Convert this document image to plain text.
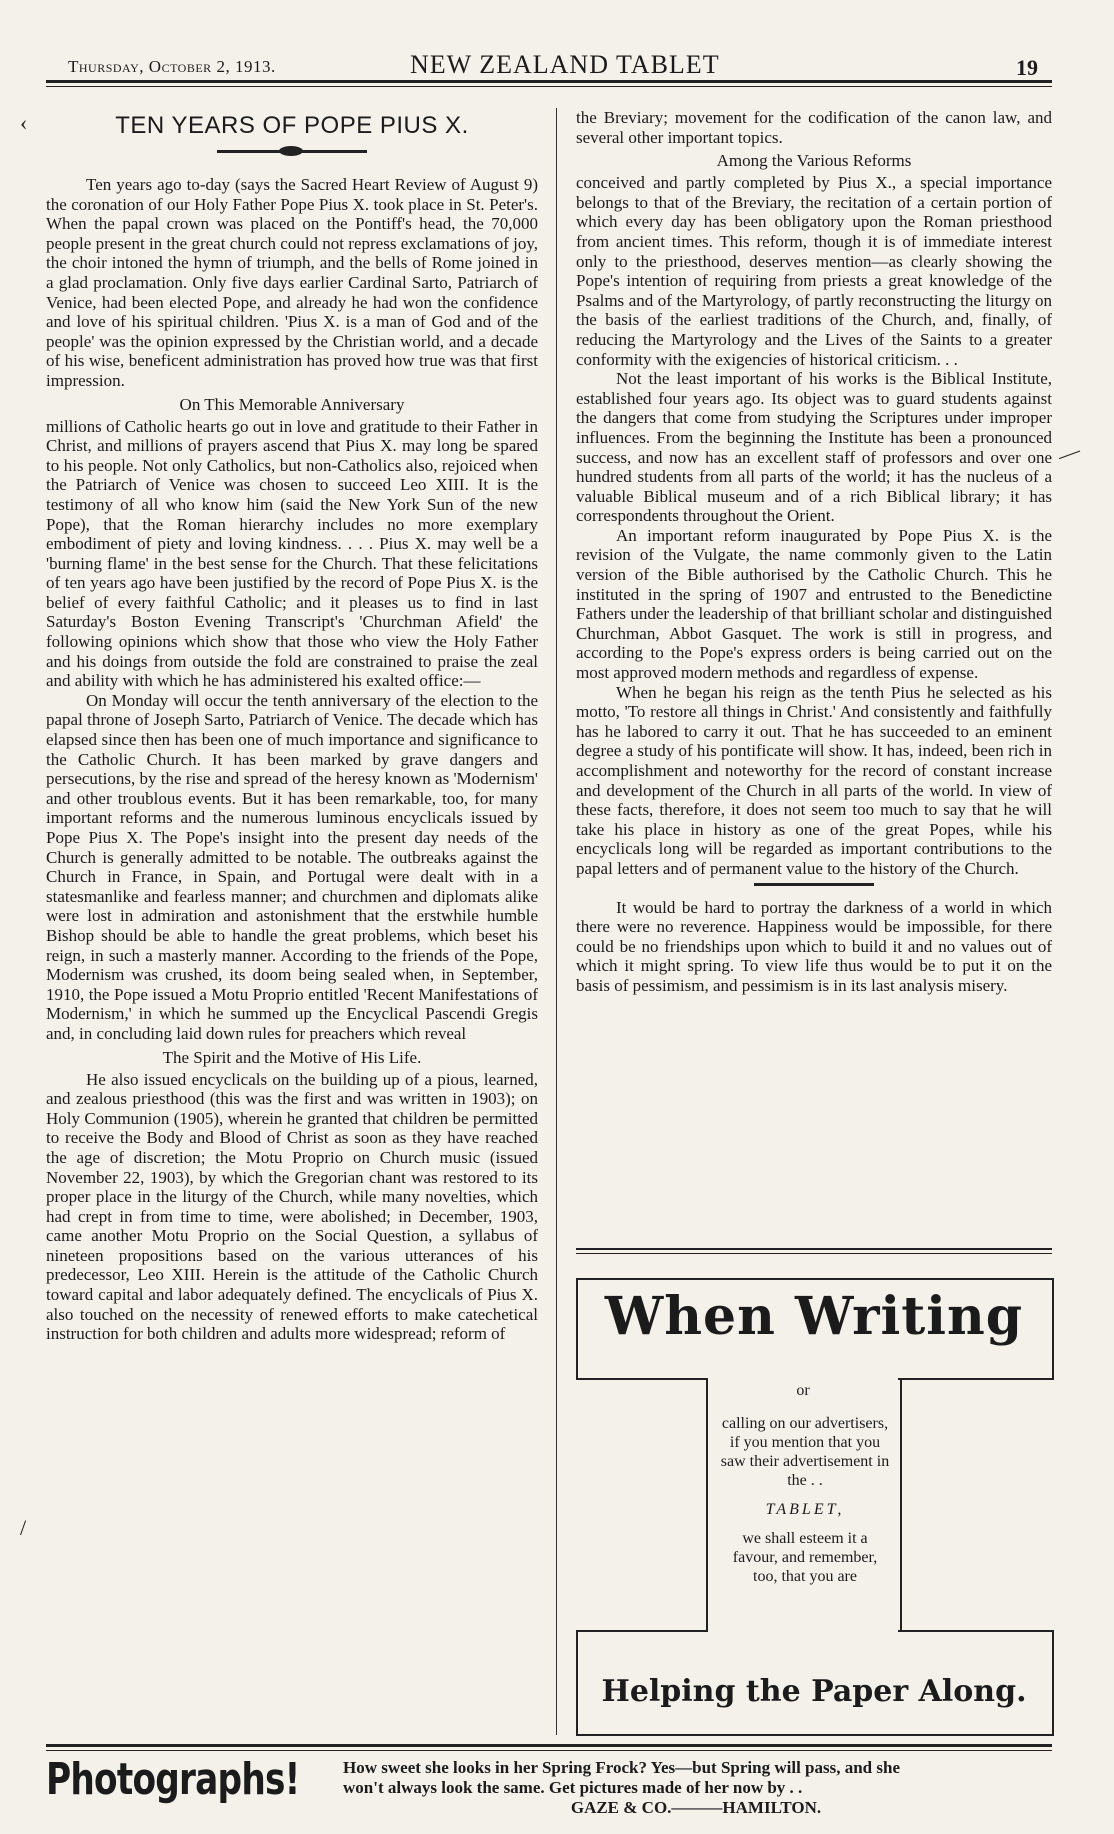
Thursday, October 2, 1913.	NEW ZEALAND TABLET	19
‹
/
—
TEN YEARS OF POPE PIUS X.

Ten years ago to-day (says the Sacred Heart Review of August 9) the coronation of our Holy Father Pope Pius X. took place in St. Peter's. When the papal crown was placed on the Pontiff's head, the 70,000 people present in the great church could not repress exclamations of joy, the choir intoned the hymn of triumph, and the bells of Rome joined in a glad proclamation. Only five days earlier Cardinal Sarto, Patriarch of Venice, had been elected Pope, and already he had won the confidence and love of his spiritual children. 'Pius X. is a man of God and of the people' was the opinion expressed by the Christian world, and a decade of his wise, beneficent administration has proved how true was that first impression.

On This Memorable Anniversary

millions of Catholic hearts go out in love and gratitude to their Father in Christ, and millions of prayers ascend that Pius X. may long be spared to his people. Not only Catholics, but non-Catholics also, rejoiced when the Patriarch of Venice was chosen to succeed Leo XIII. It is the testimony of all who know him (said the New York Sun of the new Pope), that the Roman hierarchy includes no more exemplary embodiment of piety and loving kindness. . . . Pius X. may well be a 'burning flame' in the best sense for the Church. That these felicitations of ten years ago have been justified by the record of Pope Pius X. is the belief of every faithful Catholic; and it pleases us to find in last Saturday's Boston Evening Transcript's 'Churchman Afield' the following opinions which show that those who view the Holy Father and his doings from outside the fold are constrained to praise the zeal and ability with which he has administered his exalted office:—

On Monday will occur the tenth anniversary of the election to the papal throne of Joseph Sarto, Patriarch of Venice. The decade which has elapsed since then has been one of much importance and significance to the Catholic Church. It has been marked by grave dangers and persecutions, by the rise and spread of the heresy known as 'Modernism' and other troublous events. But it has been remarkable, too, for many important reforms and the numerous luminous encyclicals issued by Pope Pius X. The Pope's insight into the present day needs of the Church is generally admitted to be notable. The outbreaks against the Church in France, in Spain, and Portugal were dealt with in a statesmanlike and fearless manner; and churchmen and diplomats alike were lost in admiration and astonishment that the erstwhile humble Bishop should be able to handle the great problems, which beset his reign, in such a masterly manner. According to the friends of the Pope, Modernism was crushed, its doom being sealed when, in September, 1910, the Pope issued a Motu Proprio entitled 'Recent Manifestations of Modernism,' in which he summed up the Encyclical Pascendi Gregis and, in concluding laid down rules for preachers which reveal

The Spirit and the Motive of His Life.

He also issued encyclicals on the building up of a pious, learned, and zealous priesthood (this was the first and was written in 1903); on Holy Communion (1905), wherein he granted that children be permitted to receive the Body and Blood of Christ as soon as they have reached the age of discretion; the Motu Proprio on Church music (issued November 22, 1903), by which the Gregorian chant was restored to its proper place in the liturgy of the Church, while many novelties, which had crept in from time to time, were abolished; in December, 1903, came another Motu Proprio on the Social Question, a syllabus of nineteen propositions based on the various utterances of his predecessor, Leo XIII. Herein is the attitude of the Catholic Church toward capital and labor adequately defined. The encyclicals of Pius X. also touched on the necessity of renewed efforts to make catechetical instruction for both children and adults more widespread; reform of

the Breviary; movement for the codification of the canon law, and several other important topics.

Among the Various Reforms

conceived and partly completed by Pius X., a special importance belongs to that of the Breviary, the recitation of a certain portion of which every day has been obligatory upon the Roman priesthood from ancient times. This reform, though it is of immediate interest only to the priesthood, deserves mention—as clearly showing the Pope's intention of requiring from priests a great knowledge of the Psalms and of the Martyrology, of partly reconstructing the liturgy on the basis of the earliest traditions of the Church, and, finally, of reducing the Martyrology and the Lives of the Saints to a greater conformity with the exigencies of historical criticism. . .

Not the least important of his works is the Biblical Institute, established four years ago. Its object was to guard students against the dangers that come from studying the Scriptures under improper influences. From the beginning the Institute has been a pronounced success, and now has an excellent staff of professors and over one hundred students from all parts of the world; it has the nucleus of a valuable Biblical museum and of a rich Biblical library; it has correspondents throughout the Orient.

An important reform inaugurated by Pope Pius X. is the revision of the Vulgate, the name commonly given to the Latin version of the Bible authorised by the Catholic Church. This he instituted in the spring of 1907 and entrusted to the Benedictine Fathers under the leadership of that brilliant scholar and distinguished Churchman, Abbot Gasquet. The work is still in progress, and according to the Pope's express orders is being carried out on the most approved modern methods and regardless of expense.

When he began his reign as the tenth Pius he selected as his motto, 'To restore all things in Christ.' And consistently and faithfully has he labored to carry it out. That he has succeeded to an eminent degree a study of his pontificate will show. It has, indeed, been rich in accomplishment and noteworthy for the record of constant increase and development of the Church in all parts of the world. In view of these facts, therefore, it does not seem too much to say that he will take his place in history as one of the great Popes, while his encyclicals long will be regarded as important contributions to the papal letters and of permanent value to the history of the Church.

It would be hard to portray the darkness of a world in which there were no reverence. Happiness would be impossible, for there could be no friendships upon which to build it and no values out of which it might spring. To view life thus would be to put it on the basis of pessimism, and pessimism is in its last analysis misery.

When Writing
or
calling on our advertisers, if you mention that you saw their advertisement in the . .
TABLET,
we shall esteem it a favour, and remember, too, that you are
Helping the Paper Along.
Photographs!	How sweet she looks in her Spring Frock? Yes—but Spring will pass, and she
won't always look the same. Get pictures made of her now by . .
GAZE & CO.———HAMILTON.
